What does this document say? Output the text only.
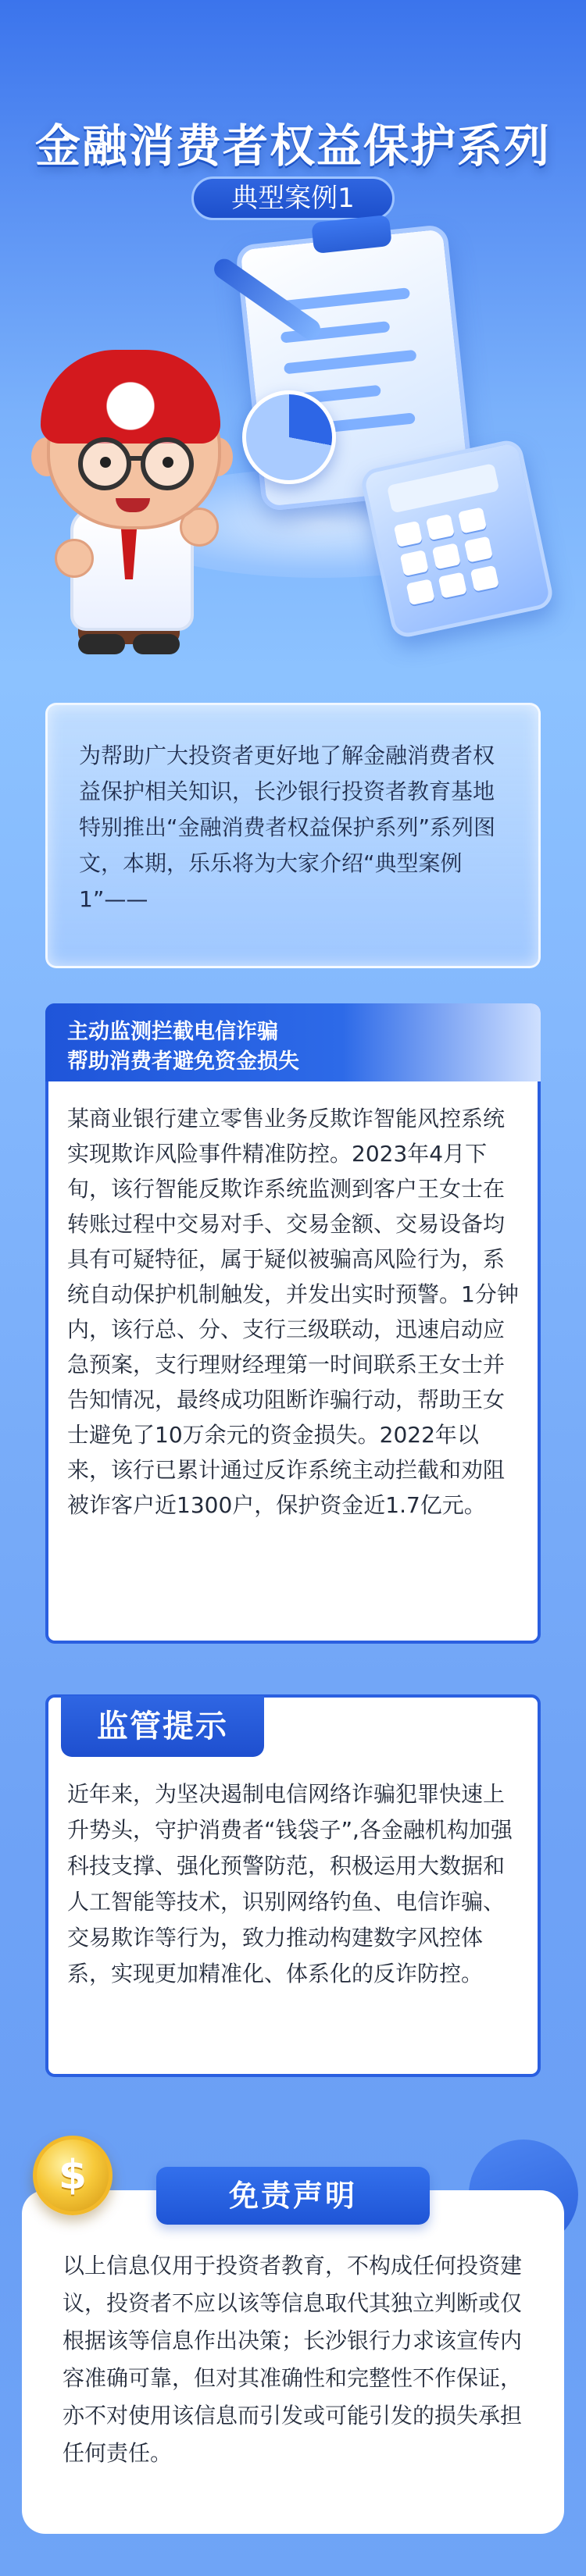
金融消费者权益保护系列
典型案例1
为帮助广大投资者更好地了解金融消费者权益保护相关知识，长沙银行投资者教育基地特别推出“金融消费者权益保护系列”系列图文，本期，乐乐将为大家介绍“典型案例1”——
主动监测拦截电信诈骗
帮助消费者避免资金损失
某商业银行建立零售业务反欺诈智能风控系统实现欺诈风险事件精准防控。2023年4月下旬，该行智能反欺诈系统监测到客户王女士在转账过程中交易对手、交易金额、交易设备均具有可疑特征，属于疑似被骗高风险行为，系统自动保护机制触发，并发出实时预警。1分钟内，该行总、分、支行三级联动，迅速启动应急预案，支行理财经理第一时间联系王女士并告知情况，最终成功阻断诈骗行动，帮助王女士避免了10万余元的资金损失。2022年以来，该行已累计通过反诈系统主动拦截和劝阻被诈客户近1300户，保护资金近1.7亿元。
监管提示
近年来，为坚决遏制电信网络诈骗犯罪快速上升势头，守护消费者“钱袋子”,各金融机构加强科技支撑、强化预警防范，积极运用大数据和人工智能等技术，识别网络钓鱼、电信诈骗、交易欺诈等行为，致力推动构建数字风控体系，实现更加精准化、体系化的反诈防控。
$	免责声明
以上信息仅用于投资者教育，不构成任何投资建议，投资者不应以该等信息取代其独立判断或仅根据该等信息作出决策；长沙银行力求该宣传内容准确可靠，但对其准确性和完整性不作保证，亦不对使用该信息而引发或可能引发的损失承担任何责任。
